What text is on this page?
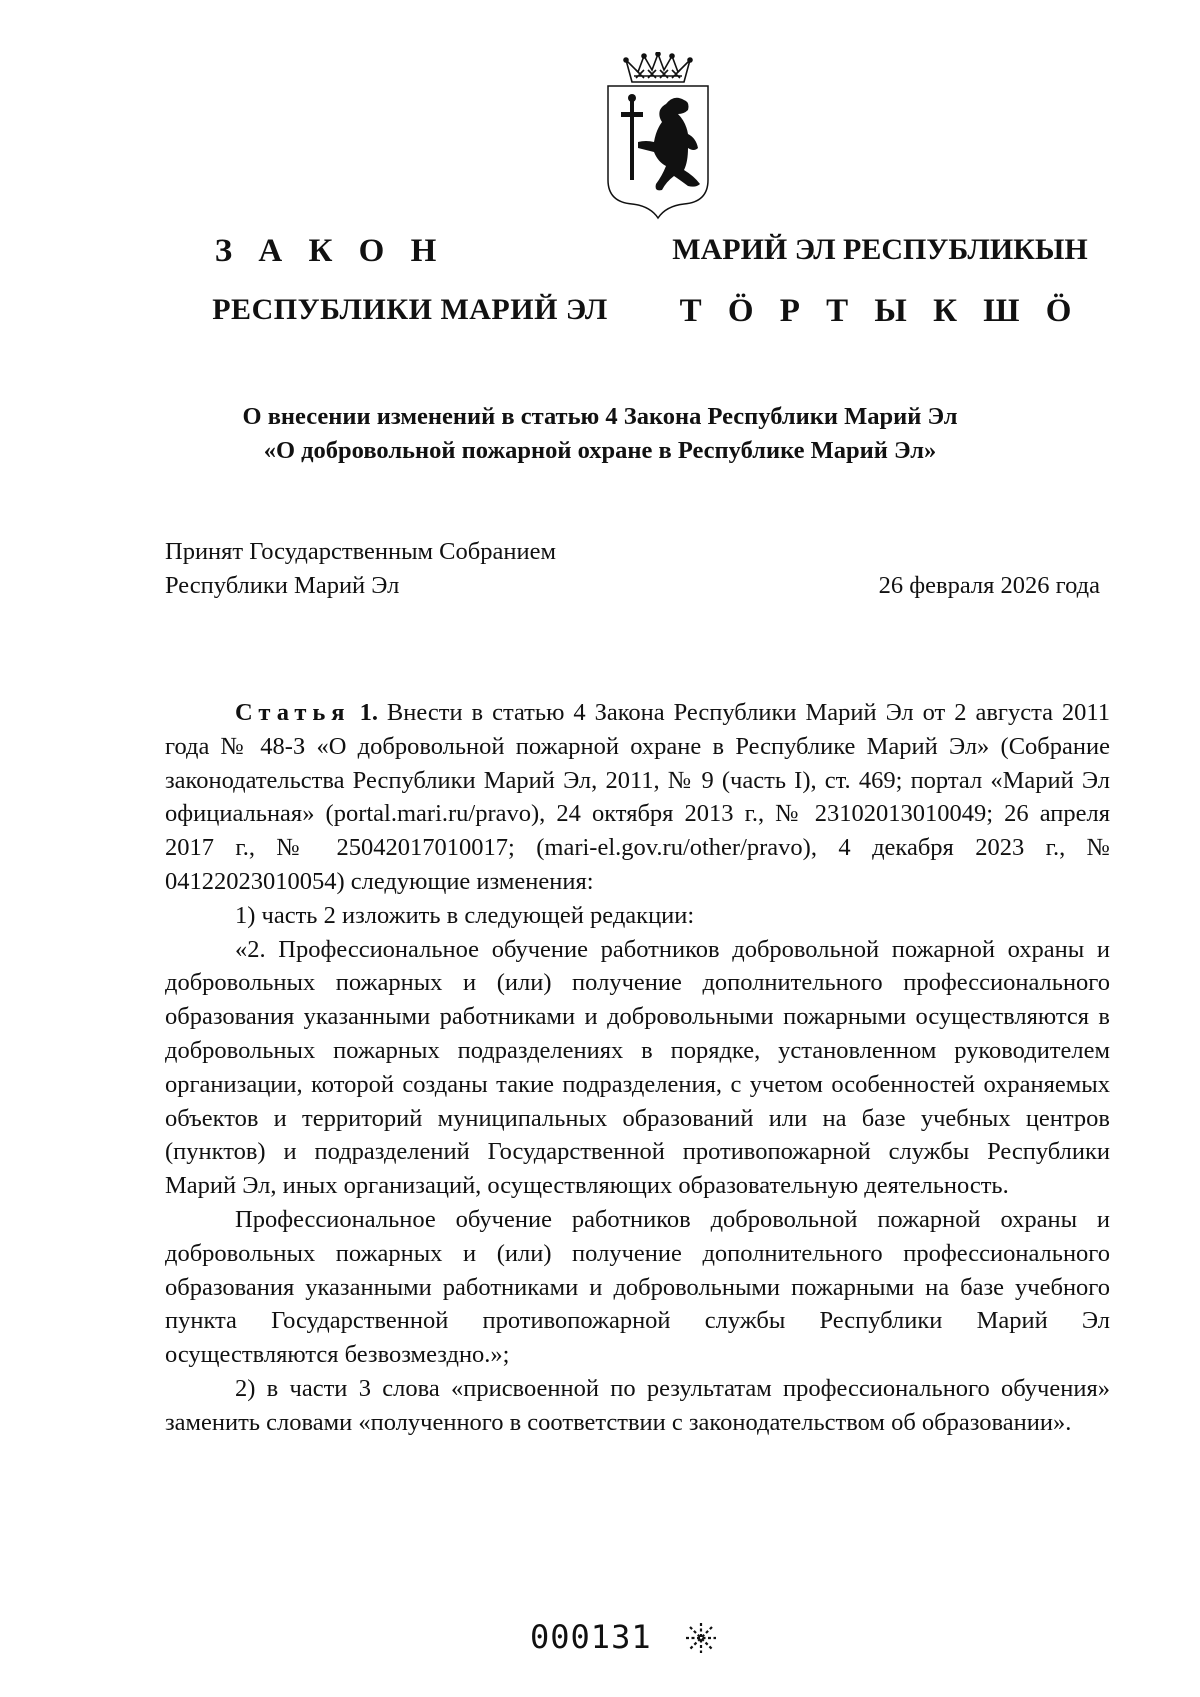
З А К О Н
РЕСПУБЛИКИ МАРИЙ ЭЛ
МАРИЙ ЭЛ РЕСПУБЛИКЫН
Т Ӧ Р Т Ы К Ш Ӧ
О внесении изменений в статью 4 Закона Республики Марий Эл
«О добровольной пожарной охране в Республике Марий Эл»
Принят Государственным Собранием
Республики Марий Эл	26 февраля 2026 года

Статья 1. Внести в статью 4 Закона Республики Марий Эл от 2 августа 2011 года № 48-З «О добровольной пожарной охране в Республике Марий Эл» (Собрание законодательства Республики Марий Эл, 2011, № 9 (часть I), ст. 469; портал «Марий Эл официальная» (portal.mari.ru/pravo), 24 октября 2013 г., № 23102013010049; 26 апреля 2017 г., № 25042017010017; (mari-el.gov.ru/other/pravo), 4 декабря 2023 г., № 04122023010054) следующие изменения:

1) часть 2 изложить в следующей редакции:

«2. Профессиональное обучение работников добровольной пожарной охраны и добровольных пожарных и (или) получение дополнительного профессионального образования указанными работниками и добровольными пожарными осуществляются в добровольных пожарных подразделениях в порядке, установленном руководителем организации, которой созданы такие подразделения, с учетом особенностей охраняемых объектов и территорий муниципальных образований или на базе учебных центров (пунктов) и подразделений Государственной противопожарной службы Республики Марий Эл, иных организаций, осуществляющих образовательную деятельность.

Профессиональное обучение работников добровольной пожарной охраны и добровольных пожарных и (или) получение дополнительного профессионального образования указанными работниками и добровольными пожарными на базе учебного пункта Государственной противопожарной службы Республики Марий Эл осуществляются безвозмездно.»;

2) в части 3 слова «присвоенной по результатам профессионального обучения» заменить словами «полученного в соответствии с законодательством об образовании».

000131
